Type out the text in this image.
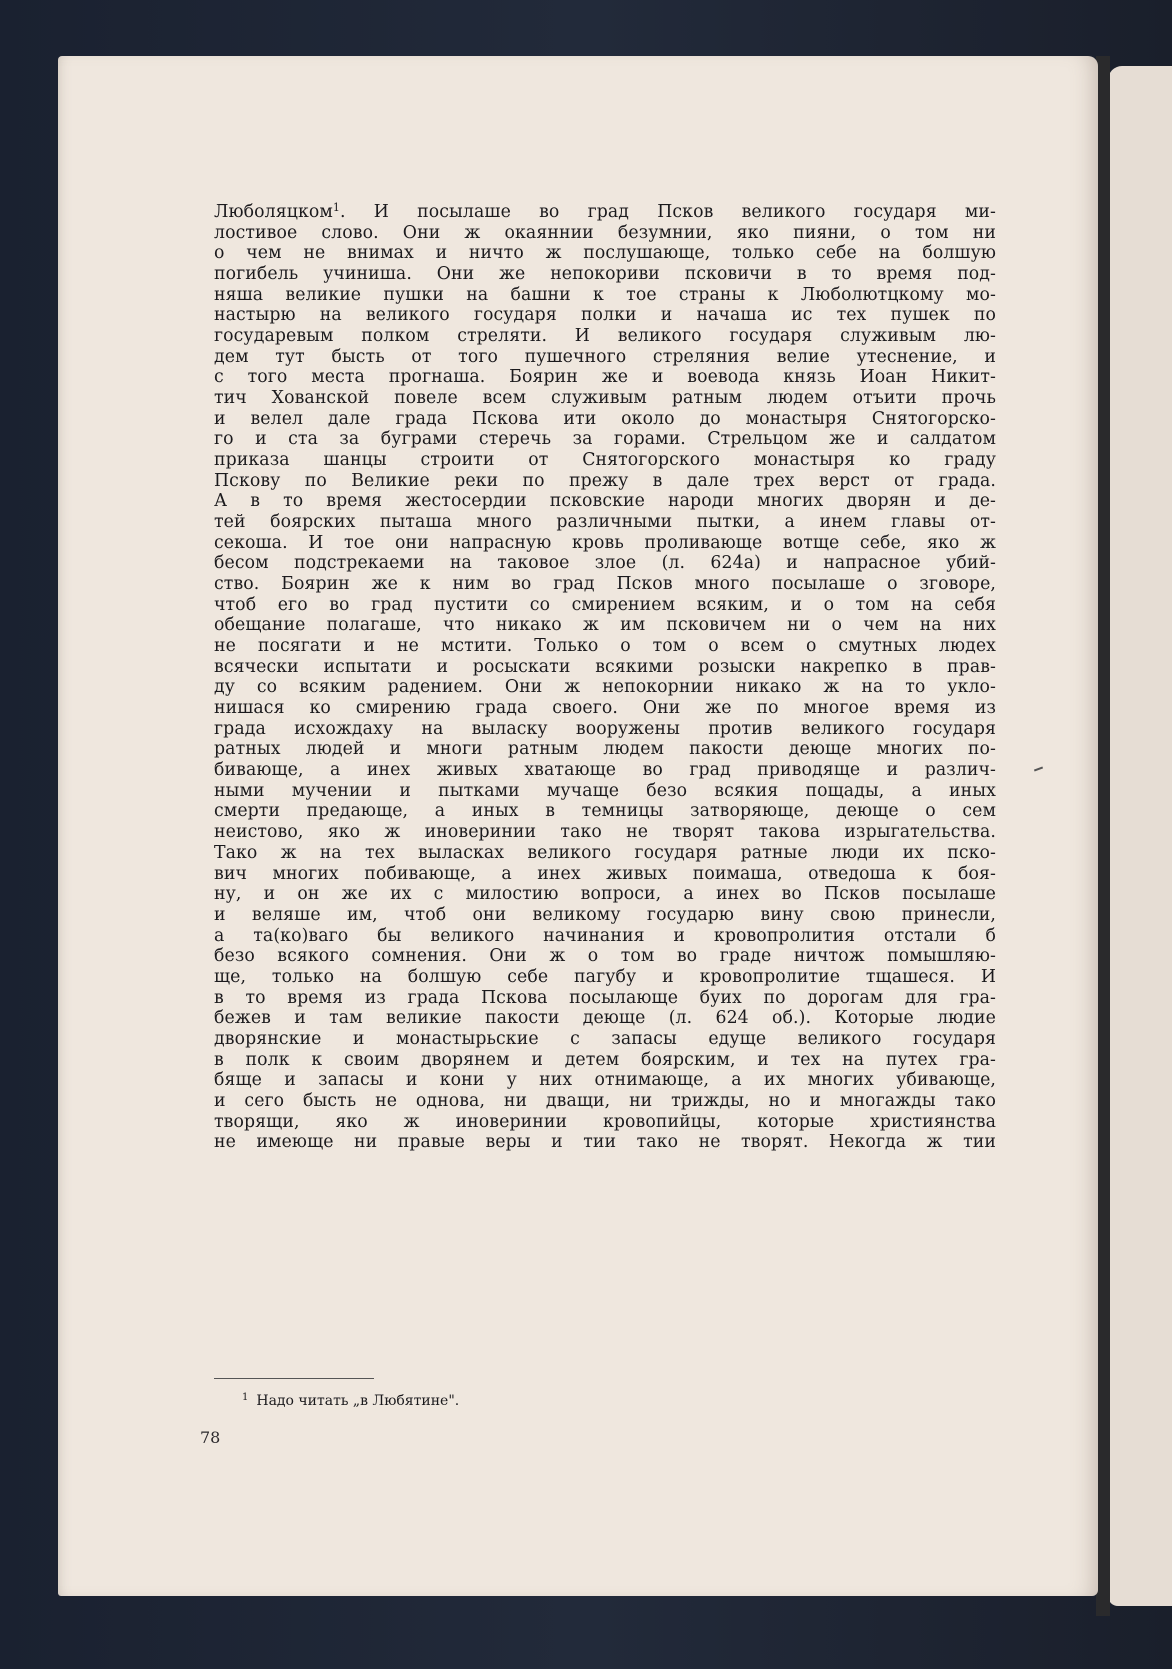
Люболяцком$^1$. И посылаше во град Псков великого государя ми-
лостивое слово. Они ж окаяннии безумнии, яко пияни, о том ни
о чем не внимах и ничто ж послушающе, только себе на болшую
погибель учиниша. Они же непокориви псковичи в то время под-
няша великие пушки на башни к тое страны к Люболютцкому мо-
настырю на великого государя полки и начаша ис тех пушек по
государевым полком стреляти. И великого государя служивым лю-
дем тут бысть от того пушечного стреляния велие утеснение, и
с того места прогнаша. Боярин же и воевода князь Иоан Никит-
тич Хованской повеле всем служивым ратным людем отъити прочь
и велел дале града Пскова ити около до монастыря Снятогорско-
го и ста за буграми стеречь за горами. Стрельцом же и салдатом
приказа шанцы строити от Снятогорского монастыря ко граду
Пскову по Великие реки по прежу в дале трех верст от града.
А в то время жестосердии псковские народи многих дворян и де-
тей боярских пыташа много различными пытки, а инем главы от-
секоша. И тое они напрасную кровь проливающе вотще себе, яко ж
бесом подстрекаеми на таковое злое (л. 624а) и напрасное убий-
ство. Боярин же к ним во град Псков много посылаше о зговоре,
чтоб его во град пустити со смирением всяким, и о том на себя
обещание полагаше, что никако ж им псковичем ни о чем на них
не посягати и не мстити. Только о том о всем о смутных людех
всячески испытати и росыскати всякими розыски накрепко в прав-
ду со всяким радением. Они ж непокорнии никако ж на то укло-
нишася ко смирению града своего. Они же по многое время из
града исхождаху на выласку вооружены против великого государя
ратных людей и многи ратным людем пакости деюще многих по-
бивающе, а инех живых хватающе во град приводяще и различ-
ными мучении и пытками мучаще безо всякия пощады, а иных
смерти предающе, а иных в темницы затворяюще, деюще о сем
неистово, яко ж иноверинии тако не творят такова изрыгательства.
Тако ж на тех выласках великого государя ратные люди их пско-
вич многих побивающе, а инех живых поимаша, отведоша к боя-
ну, и он же их с милостию вопроси, а инех во Псков посылаше
и веляше им, чтоб они великому государю вину свою принесли,
а та(ко)ваго бы великого начинания и кровопролития отстали б
безо всякого сомнения. Они ж о том во граде ничтож помышляю-
ще, только на болшую себе пагубу и кровопролитие тщашеся. И
в то время из града Пскова посылающе буих по дорогам для гра-
бежев и там великие пакости деюще (л. 624 об.). Которые людие
дворянские и монастырьские с запасы едуще великого государя
в полк к своим дворянем и детем боярским, и тех на путех гра-
бяще и запасы и кони у них отнимающе, а их многих убивающе,
и сего бысть не однова, ни дващи, ни трижды, но и многажды тако
творящи, яко ж иноверинии кровопийцы, которые християнства
не имеюще ни правые веры и тии тако не творят. Некогда ж тии
$^1$ Надо читать „в Любятине".
78
